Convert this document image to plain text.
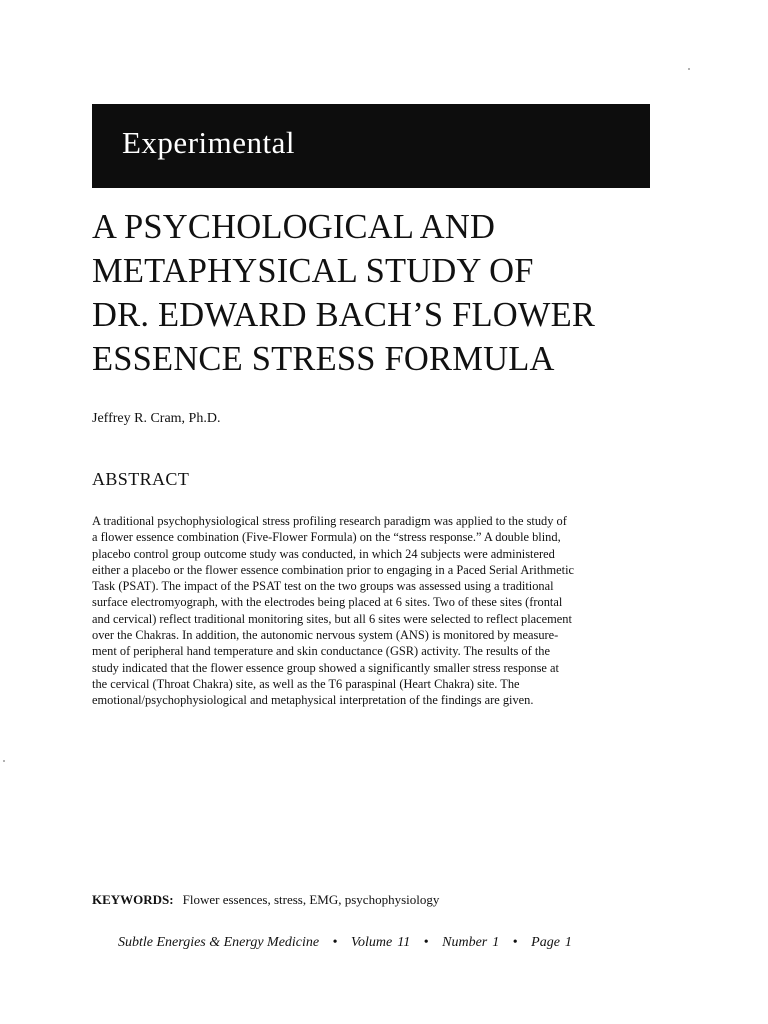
Experimental
A PSYCHOLOGICAL AND
METAPHYSICAL STUDY OF
DR. EDWARD BACH’S FLOWER
ESSENCE STRESS FORMULA
Jeffrey R. Cram, Ph.D.
ABSTRACT
A traditional psychophysiological stress profiling research paradigm was applied to the study of
a flower essence combination (Five-Flower Formula) on the “stress response.” A double blind,
placebo control group outcome study was conducted, in which 24 subjects were administered
either a placebo or the flower essence combination prior to engaging in a Paced Serial Arithmetic
Task (PSAT). The impact of the PSAT test on the two groups was assessed using a traditional
surface electromyograph, with the electrodes being placed at 6 sites. Two of these sites (frontal
and cervical) reflect traditional monitoring sites, but all 6 sites were selected to reflect placement
over the Chakras. In addition, the autonomic nervous system (ANS) is monitored by measure-
ment of peripheral hand temperature and skin conductance (GSR) activity. The results of the
study indicated that the flower essence group showed a significantly smaller stress response at
the cervical (Throat Chakra) site, as well as the T6 paraspinal (Heart Chakra) site. The
emotional/psychophysiological and metaphysical interpretation of the findings are given.
KEYWORDS: Flower essences, stress, EMG, psychophysiology
Subtle Energies & Energy Medicine • Volume 11 • Number 1 • Page 1
